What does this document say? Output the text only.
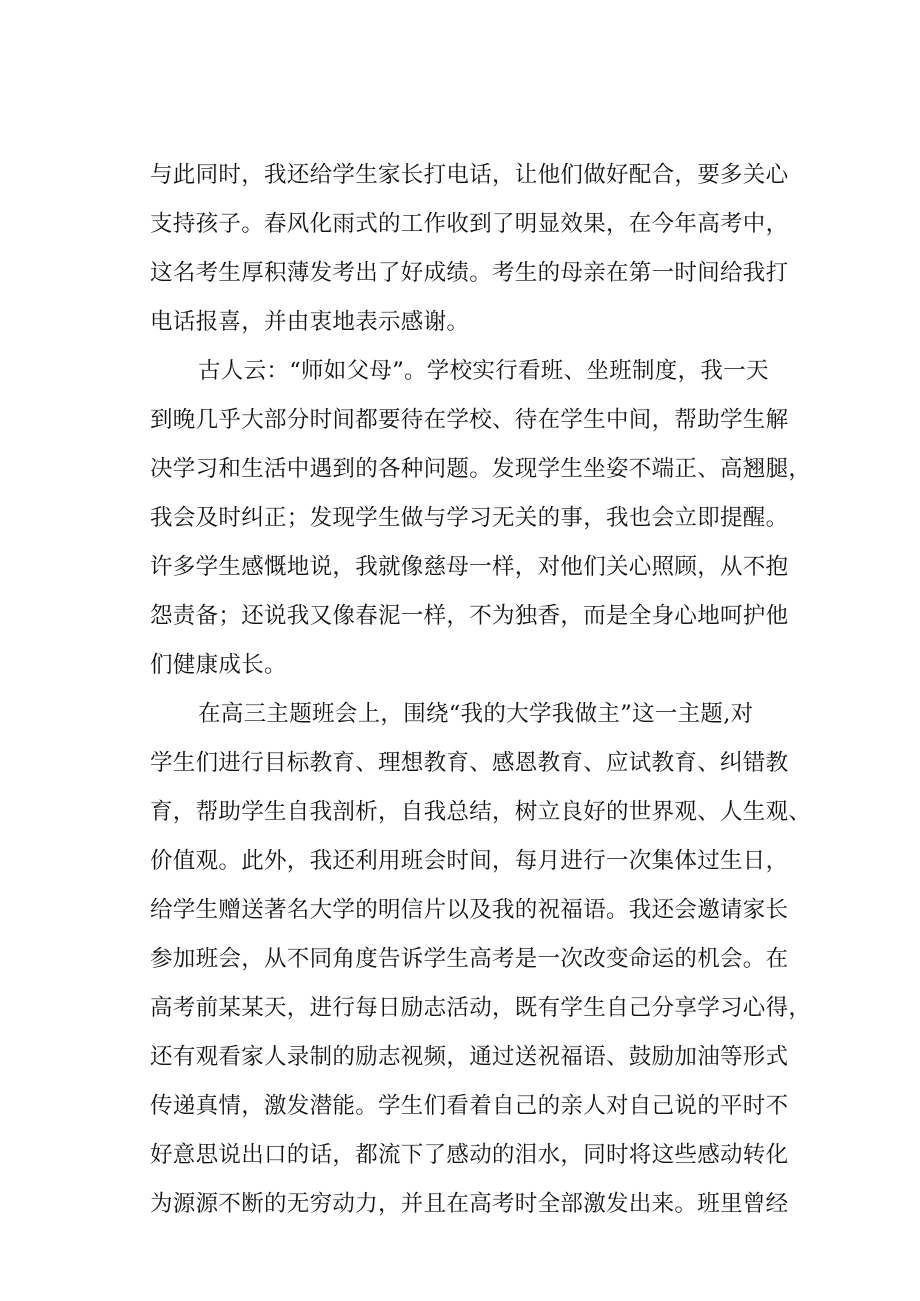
与此同时，我还给学生家长打电话，让他们做好配合，要多关心
支持孩子。春风化雨式的工作收到了明显效果，在今年高考中，
这名考生厚积薄发考出了好成绩。考生的母亲在第一时间给我打
电话报喜，并由衷地表示感谢。
古人云：“师如父母”。学校实行看班、坐班制度，我一天
到晚几乎大部分时间都要待在学校、待在学生中间，帮助学生解
决学习和生活中遇到的各种问题。发现学生坐姿不端正、高翘腿，
我会及时纠正；发现学生做与学习无关的事，我也会立即提醒。
许多学生感慨地说，我就像慈母一样，对他们关心照顾，从不抱
怨责备；还说我又像春泥一样，不为独香，而是全身心地呵护他
们健康成长。
在高三主题班会上，围绕“我的大学我做主”这一主题,对
学生们进行目标教育、理想教育、感恩教育、应试教育、纠错教
育，帮助学生自我剖析，自我总结，树立良好的世界观、人生观、
价值观。此外，我还利用班会时间，每月进行一次集体过生日，
给学生赠送著名大学的明信片以及我的祝福语。我还会邀请家长
参加班会，从不同角度告诉学生高考是一次改变命运的机会。在
高考前某某天，进行每日励志活动，既有学生自己分享学习心得，
还有观看家人录制的励志视频，通过送祝福语、鼓励加油等形式
传递真情，激发潜能。学生们看着自己的亲人对自己说的平时不
好意思说出口的话，都流下了感动的泪水，同时将这些感动转化
为源源不断的无穷动力，并且在高考时全部激发出来。班里曾经
